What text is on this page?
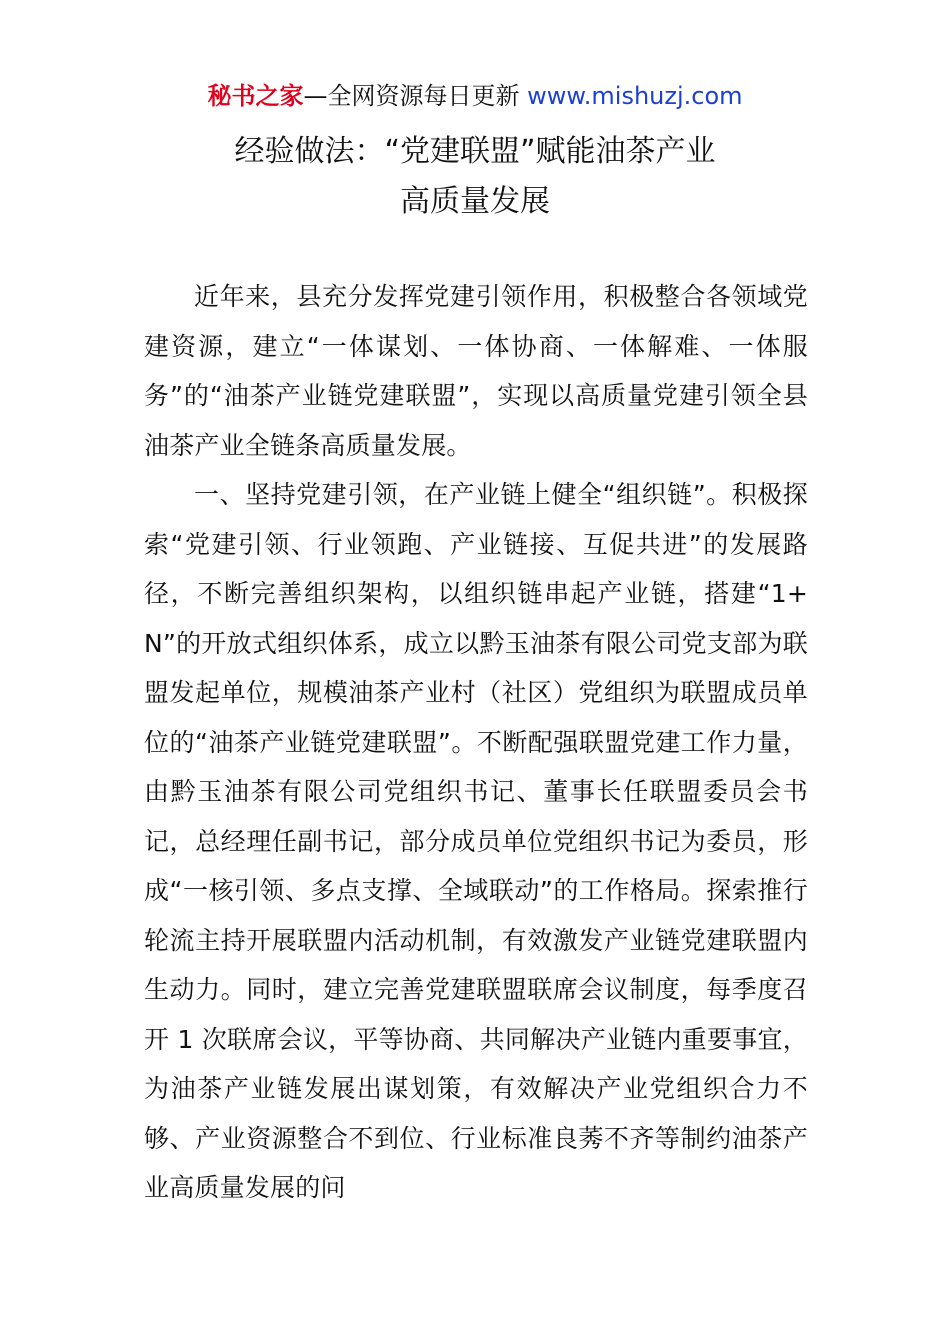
秘书之家—全网资源每日更新 www.mishuzj.com
经验做法：“党建联盟”赋能油茶产业
高质量发展

近年来，县充分发挥党建引领作用，积极整合各领域党建资源，建立“一体谋划、一体协商、一体解难、一体服务”的“油茶产业链党建联盟”，实现以高质量党建引领全县油茶产业全链条高质量发展。

一、坚持党建引领，在产业链上健全“组织链”。积极探索“党建引领、行业领跑、产业链接、互促共进”的发展路径，不断完善组织架构，以组织链串起产业链，搭建“1+N”的开放式组织体系，成立以黔玉油茶有限公司党支部为联盟发起单位，规模油茶产业村（社区）党组织为联盟成员单位的“油茶产业链党建联盟”。不断配强联盟党建工作力量，由黔玉油茶有限公司党组织书记、董事长任联盟委员会书记，总经理任副书记，部分成员单位党组织书记为委员，形成“一核引领、多点支撑、全域联动”的工作格局。探索推行轮流主持开展联盟内活动机制，有效激发产业链党建联盟内生动力。同时，建立完善党建联盟联席会议制度，每季度召开 1 次联席会议，平等协商、共同解决产业链内重要事宜，为油茶产业链发展出谋划策，有效解决产业党组织合力不够、产业资源整合不到位、行业标准良莠不齐等制约油茶产业高质量发展的问
